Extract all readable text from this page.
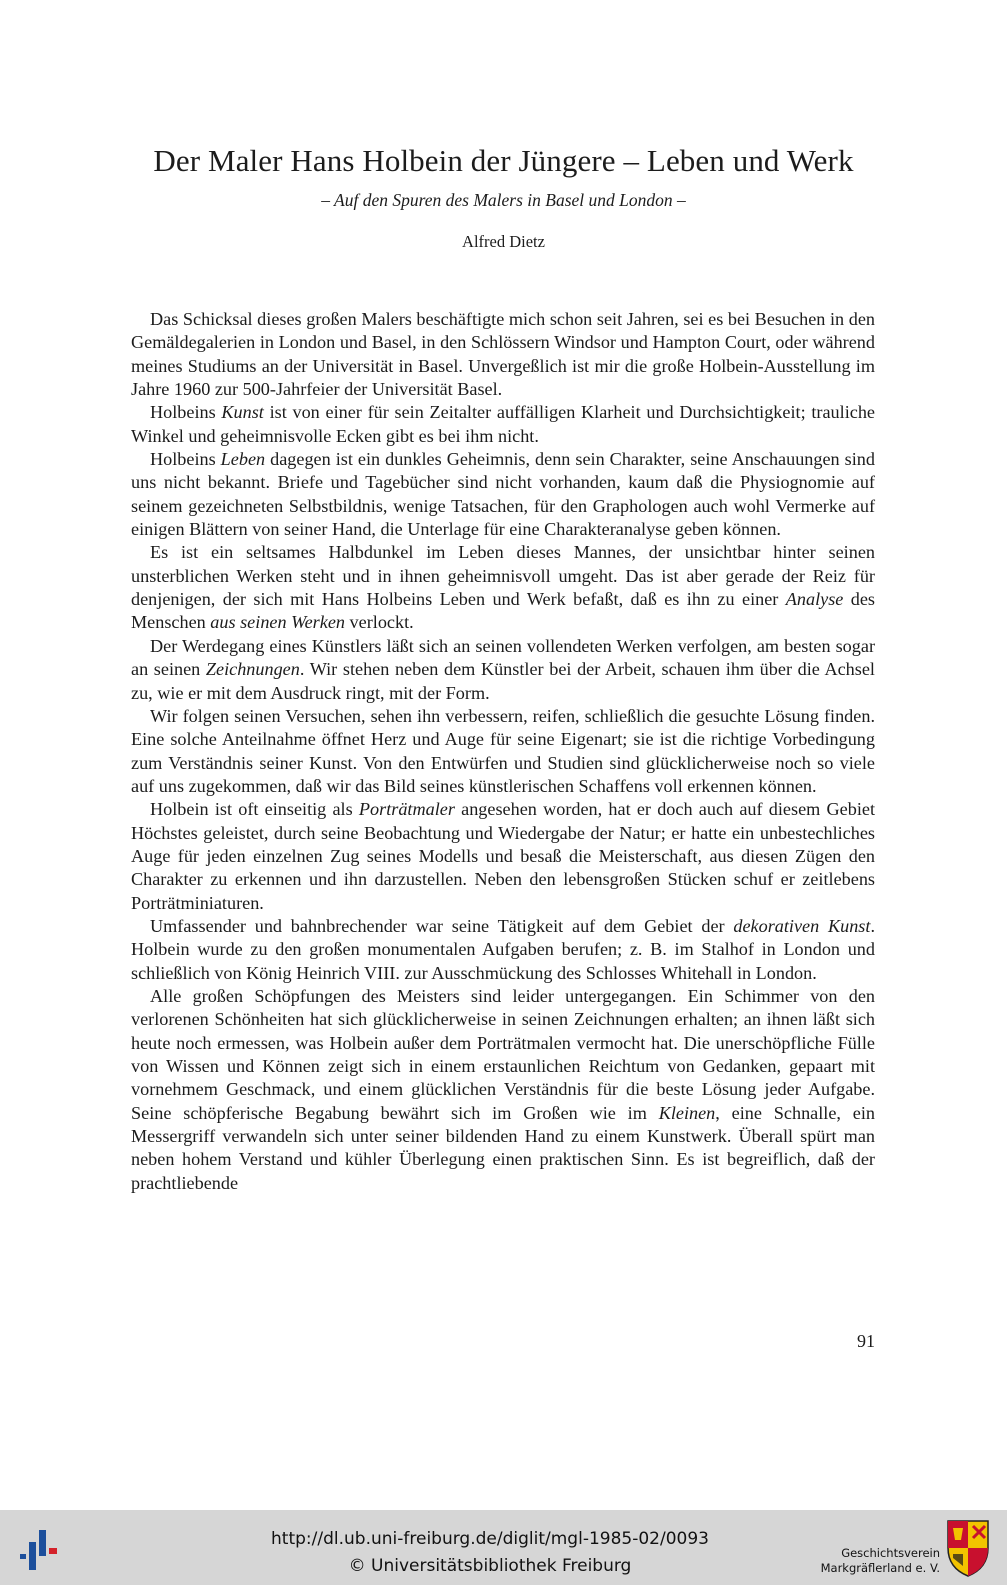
Der Maler Hans Holbein der Jüngere – Leben und Werk
– Auf den Spuren des Malers in Basel und London –
Alfred Dietz

Das Schicksal dieses großen Malers beschäftigte mich schon seit Jahren, sei es bei Besuchen in den Gemäldegalerien in London und Basel, in den Schlössern Windsor und Hampton Court, oder während meines Studiums an der Universität in Basel. Unvergeßlich ist mir die große Holbein-Ausstellung im Jahre 1960 zur 500-Jahrfeier der Universität Basel.

Holbeins Kunst ist von einer für sein Zeitalter auffälligen Klarheit und Durchsichtigkeit; trauliche Winkel und geheimnisvolle Ecken gibt es bei ihm nicht.

Holbeins Leben dagegen ist ein dunkles Geheimnis, denn sein Charakter, seine Anschauungen sind uns nicht bekannt. Briefe und Tagebücher sind nicht vorhanden, kaum daß die Physiognomie auf seinem gezeichneten Selbstbildnis, wenige Tatsachen, für den Graphologen auch wohl Vermerke auf einigen Blättern von seiner Hand, die Unterlage für eine Charakteranalyse geben können.

Es ist ein seltsames Halbdunkel im Leben dieses Mannes, der unsichtbar hinter seinen unsterblichen Werken steht und in ihnen geheimnisvoll umgeht. Das ist aber gerade der Reiz für denjenigen, der sich mit Hans Holbeins Leben und Werk befaßt, daß es ihn zu einer Analyse des Menschen aus seinen Werken verlockt.

Der Werdegang eines Künstlers läßt sich an seinen vollendeten Werken verfolgen, am besten sogar an seinen Zeichnungen. Wir stehen neben dem Künstler bei der Arbeit, schauen ihm über die Achsel zu, wie er mit dem Ausdruck ringt, mit der Form.

Wir folgen seinen Versuchen, sehen ihn verbessern, reifen, schließlich die gesuchte Lösung finden. Eine solche Anteilnahme öffnet Herz und Auge für seine Eigenart; sie ist die richtige Vorbedingung zum Verständnis seiner Kunst. Von den Entwürfen und Studien sind glücklicherweise noch so viele auf uns zugekommen, daß wir das Bild seines künstlerischen Schaffens voll erkennen können.

Holbein ist oft einseitig als Porträtmaler angesehen worden, hat er doch auch auf diesem Gebiet Höchstes geleistet, durch seine Beobachtung und Wiedergabe der Natur; er hatte ein unbestechliches Auge für jeden einzelnen Zug seines Modells und besaß die Meisterschaft, aus diesen Zügen den Charakter zu erkennen und ihn darzustellen. Neben den lebensgroßen Stücken schuf er zeitlebens Porträtminiaturen.

Umfassender und bahnbrechender war seine Tätigkeit auf dem Gebiet der dekorativen Kunst. Holbein wurde zu den großen monumentalen Aufgaben berufen; z. B. im Stalhof in London und schließlich von König Heinrich VIII. zur Ausschmückung des Schlosses Whitehall in London.

Alle großen Schöpfungen des Meisters sind leider untergegangen. Ein Schimmer von den verlorenen Schönheiten hat sich glücklicherweise in seinen Zeichnungen erhalten; an ihnen läßt sich heute noch ermessen, was Holbein außer dem Porträtmalen vermocht hat. Die unerschöpfliche Fülle von Wissen und Können zeigt sich in einem erstaunlichen Reichtum von Gedanken, gepaart mit vornehmem Geschmack, und einem glücklichen Verständnis für die beste Lösung jeder Aufgabe. Seine schöpferische Begabung bewährt sich im Großen wie im Kleinen, eine Schnalle, ein Messergriff verwandeln sich unter seiner bildenden Hand zu einem Kunstwerk. Überall spürt man neben hohem Verstand und kühler Überlegung einen praktischen Sinn. Es ist begreiflich, daß der prachtliebende

91
http://dl.ub.uni-freiburg.de/diglit/mgl-1985-02/0093
© Universitätsbibliothek Freiburg
Geschichtsverein
Markgräflerland e. V.
